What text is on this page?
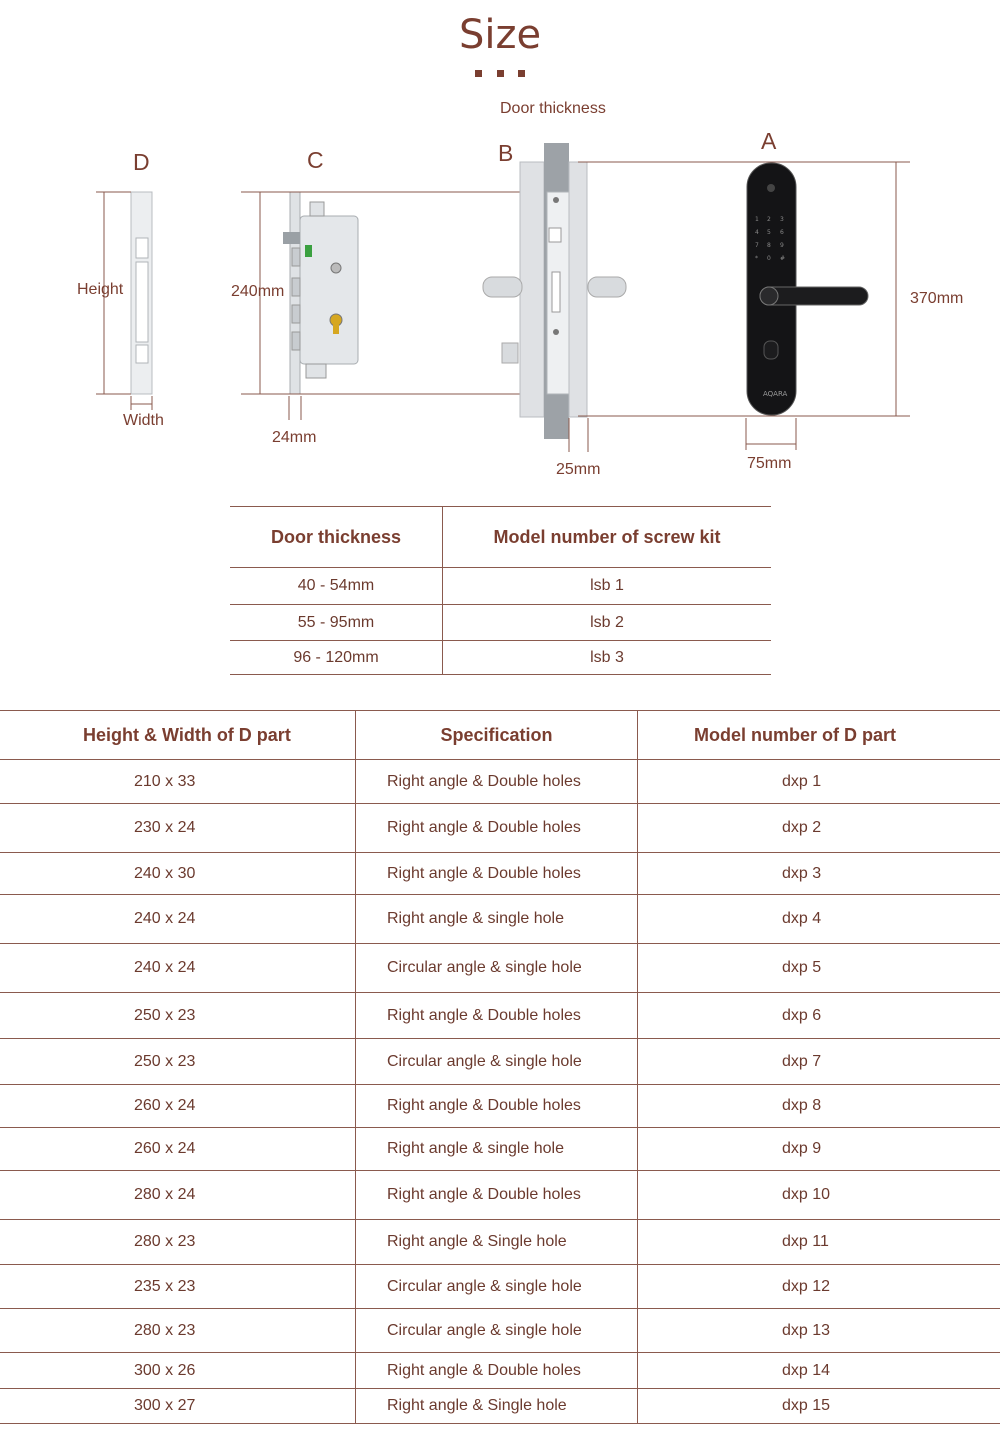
Size
1 2 3
4 5 6
7 8 9
* 0 #
AQARA
Door thickness
D	C	B	A
Height
Width
240mm
24mm
25mm
370mm
75mm
Door thickness	Model number of screw kit
40 - 54mm	lsb 1
55 - 95mm	lsb 2
96 - 120mm	lsb 3
Height & Width of D part	Specification	Model number of D part
210 x 33	Right angle & Double holes	dxp 1
230 x 24	Right angle & Double holes	dxp 2
240 x 30	Right angle & Double holes	dxp 3
240 x 24	Right angle & single hole	dxp 4
240 x 24	Circular angle & single hole	dxp 5
250 x 23	Right angle & Double holes	dxp 6
250 x 23	Circular angle & single hole	dxp 7
260 x 24	Right angle & Double holes	dxp 8
260 x 24	Right angle & single hole	dxp 9
280 x 24	Right angle & Double holes	dxp 10
280 x 23	Right angle & Single hole	dxp 11
235 x 23	Circular angle & single hole	dxp 12
280 x 23	Circular angle & single hole	dxp 13
300 x 26	Right angle & Double holes	dxp 14
300 x 27	Right angle & Single hole	dxp 15
